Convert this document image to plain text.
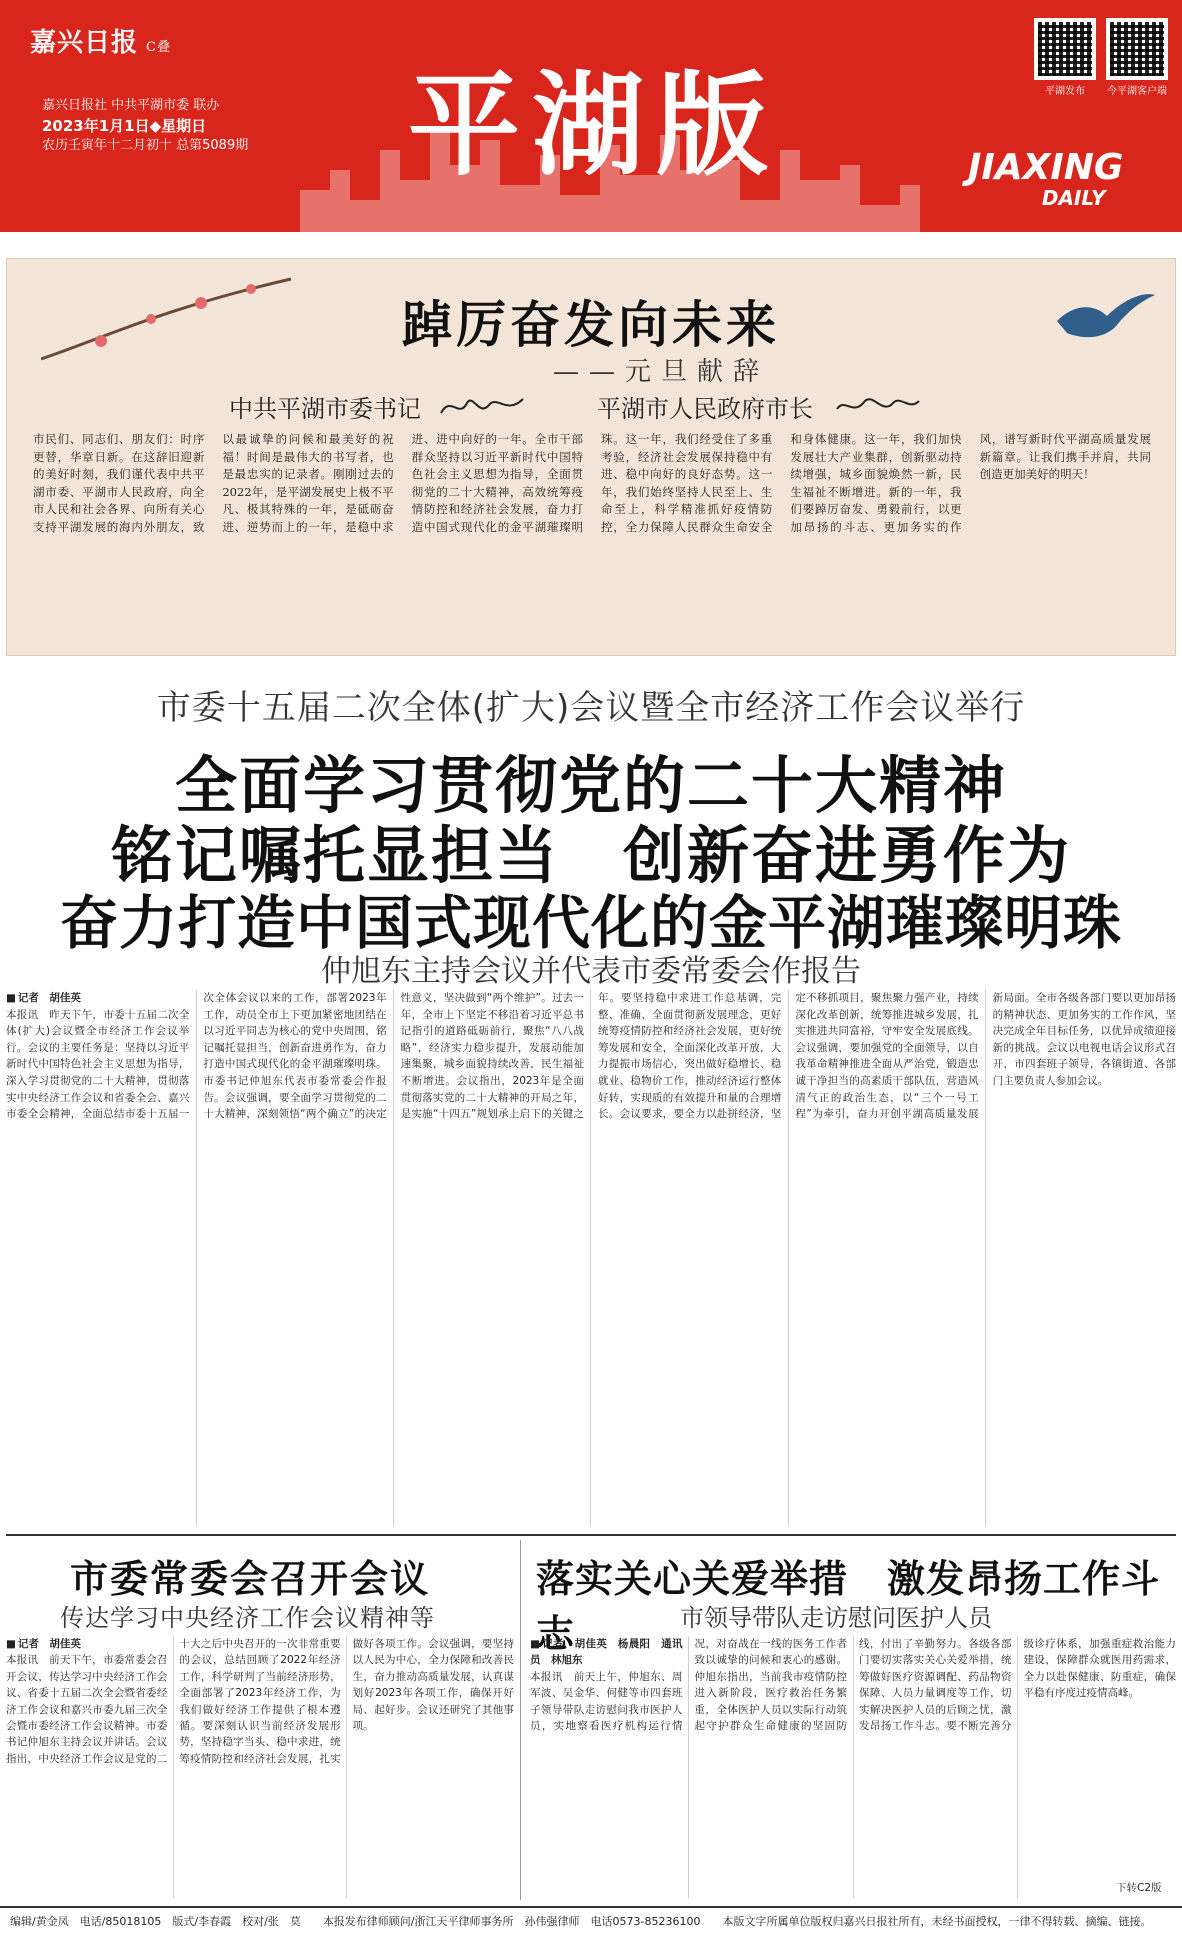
嘉兴日报 C叠
嘉兴日报社 中共平湖市委 联办
2023年1月1日◆星期日
农历壬寅年十二月初十 总第5089期 平湖版	JIAXING
DAILY
平湖发布	今平湖客户端
踔厉奋发向未来
——元旦献辞
中共平湖市委书记	平湖市人民政府市长
市民们、同志们、朋友们：时序更替，华章日新。在这辞旧迎新的美好时刻，我们谨代表中共平湖市委、平湖市人民政府，向全市人民和社会各界、向所有关心支持平湖发展的海内外朋友，致以最诚挚的问候和最美好的祝福！时间是最伟大的书写者，也是最忠实的记录者。刚刚过去的2022年，是平湖发展史上极不平凡、极其特殊的一年，是砥砺奋进、逆势而上的一年，是稳中求进、进中向好的一年。全市干部群众坚持以习近平新时代中国特色社会主义思想为指导，全面贯彻党的二十大精神，高效统筹疫情防控和经济社会发展，奋力打造中国式现代化的金平湖璀璨明珠。这一年，我们经受住了多重考验，经济社会发展保持稳中有进、稳中向好的良好态势。这一年，我们始终坚持人民至上、生命至上，科学精准抓好疫情防控，全力保障人民群众生命安全和身体健康。这一年，我们加快发展壮大产业集群，创新驱动持续增强，城乡面貌焕然一新，民生福祉不断增进。新的一年，我们要踔厉奋发、勇毅前行，以更加昂扬的斗志、更加务实的作风，谱写新时代平湖高质量发展新篇章。让我们携手并肩，共同创造更加美好的明天！
市委十五届二次全体(扩大)会议暨全市经济工作会议举行
全面学习贯彻党的二十大精神
铭记嘱托显担当　创新奋进勇作为
奋力打造中国式现代化的金平湖璀璨明珠
仲旭东主持会议并代表市委常委会作报告
■ 记者　胡佳英
本报讯　昨天下午，市委十五届二次全体(扩大)会议暨全市经济工作会议举行。会议的主要任务是：坚持以习近平新时代中国特色社会主义思想为指导，深入学习贯彻党的二十大精神，贯彻落实中央经济工作会议和省委全会、嘉兴市委全会精神，全面总结市委十五届一次全体会议以来的工作，部署2023年工作，动员全市上下更加紧密地团结在以习近平同志为核心的党中央周围，铭记嘱托显担当，创新奋进勇作为，奋力打造中国式现代化的金平湖璀璨明珠。市委书记仲旭东代表市委常委会作报告。会议强调，要全面学习贯彻党的二十大精神，深刻领悟“两个确立”的决定性意义，坚决做到“两个维护”。过去一年，全市上下坚定不移沿着习近平总书记指引的道路砥砺前行，聚焦“八八战略”，经济实力稳步提升，发展动能加速集聚，城乡面貌持续改善，民生福祉不断增进。会议指出，2023年是全面贯彻落实党的二十大精神的开局之年，是实施“十四五”规划承上启下的关键之年。要坚持稳中求进工作总基调，完整、准确、全面贯彻新发展理念，更好统筹疫情防控和经济社会发展，更好统筹发展和安全，全面深化改革开放，大力提振市场信心，突出做好稳增长、稳就业、稳物价工作，推动经济运行整体好转，实现质的有效提升和量的合理增长。会议要求，要全力以赴拼经济，坚定不移抓项目，聚焦聚力强产业，持续深化改革创新，统筹推进城乡发展，扎实推进共同富裕，守牢安全发展底线。会议强调，要加强党的全面领导，以自我革命精神推进全面从严治党，锻造忠诚干净担当的高素质干部队伍，营造风清气正的政治生态，以“三个一号工程”为牵引，奋力开创平湖高质量发展新局面。全市各级各部门要以更加昂扬的精神状态、更加务实的工作作风，坚决完成全年目标任务，以优异成绩迎接新的挑战。会议以电视电话会议形式召开，市四套班子领导，各镇街道、各部门主要负责人参加会议。
市委常委会召开会议
传达学习中央经济工作会议精神等
■ 记者　胡佳英
本报讯　前天下午，市委常委会召开会议，传达学习中央经济工作会议、省委十五届二次全会暨省委经济工作会议和嘉兴市委九届三次全会暨市委经济工作会议精神。市委书记仲旭东主持会议并讲话。会议指出，中央经济工作会议是党的二十大之后中央召开的一次非常重要的会议，总结回顾了2022年经济工作，科学研判了当前经济形势，全面部署了2023年经济工作，为我们做好经济工作提供了根本遵循。要深刻认识当前经济发展形势，坚持稳字当头、稳中求进，统筹疫情防控和经济社会发展，扎实做好各项工作。会议强调，要坚持以人民为中心，全力保障和改善民生，奋力推动高质量发展，认真谋划好2023年各项工作，确保开好局、起好步。会议还研究了其他事项。
落实关心关爱举措　激发昂扬工作斗志	市领导带队走访慰问医护人员
■ 记者　胡佳英　杨晨阳　通讯员　林旭东
本报讯　前天上午，仲旭东、周军波、吴金华、何健等市四套班子领导带队走访慰问我市医护人员，实地察看医疗机构运行情况，对奋战在一线的医务工作者致以诚挚的问候和衷心的感谢。仲旭东指出，当前我市疫情防控进入新阶段，医疗救治任务繁重，全体医护人员以实际行动筑起守护群众生命健康的坚固防线，付出了辛勤努力。各级各部门要切实落实关心关爱举措，统筹做好医疗资源调配、药品物资保障、人员力量调度等工作，切实解决医护人员的后顾之忧，激发昂扬工作斗志。要不断完善分级诊疗体系，加强重症救治能力建设，保障群众就医用药需求，全力以赴保健康、防重症，确保平稳有序度过疫情高峰。
下转C2版
编辑/黄金凤　电话/85018105　版式/李春霞　校对/张　莫 本报发布律师顾问/浙江天平律师事务所　孙伟强律师　电话0573-85236100 本版文字所属单位版权归嘉兴日报社所有，未经书面授权，一律不得转载、摘编、链接。
